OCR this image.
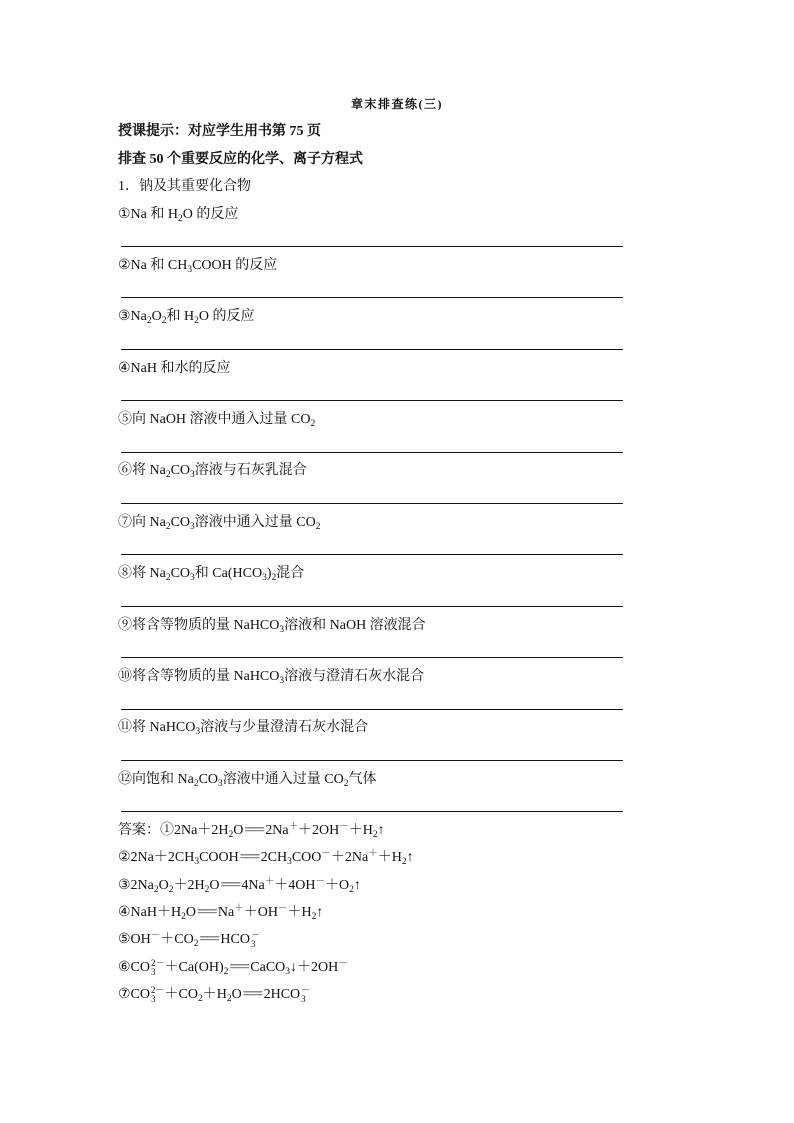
章末排查练(三)
授课提示：对应学生用书第 75 页
排查 50 个重要反应的化学、离子方程式
1．钠及其重要化合物
①Na 和 $H_2O$ 的反应
②Na 和 $CH_3COOH$ 的反应
$③Na_2O_2$和 $H_2O$ 的反应
④NaH 和水的反应
⑤向 NaOH 溶液中通入过量 $CO_2$
⑥将 $Na_2CO_3$溶液与石灰乳混合
⑦向 $Na_2CO_3$溶液中通入过量 $CO_2$
⑧将 $Na_2CO_3$和 $Ca(HCO_3)_2$混合
⑨将含等物质的量 NaHCO$_3$溶液和 NaOH 溶液混合
⑩将含等物质的量 NaHCO$_3$溶液与澄清石灰水混合
⑪将 NaHCO$_3$溶液与少量澄清石灰水混合
⑫向饱和 $Na_2CO_3$溶液中通入过量 $CO_2$气体
答案：$①2Na+2H_2O===$ $2Na^++2OH^-+H_2↑$
$②2Na+2CH_3COOH===$ $2CH_3COO^-+2Na^++H_2↑$
$③2Na_2O_2+2H_2O===$ $4Na^++4OH^-+O_2↑$
$④NaH+H_2O===$ $Na^++OH^-+H_2↑$
$⑤OH^-+CO_2===$ HCO －
3
⑥CO 2－
$3 +Ca(OH)_2===$ CaCO$_3$↓＋2OH－
⑦CO 2－
$3 +CO_2+H_2O=== 2HCO$ －
3
